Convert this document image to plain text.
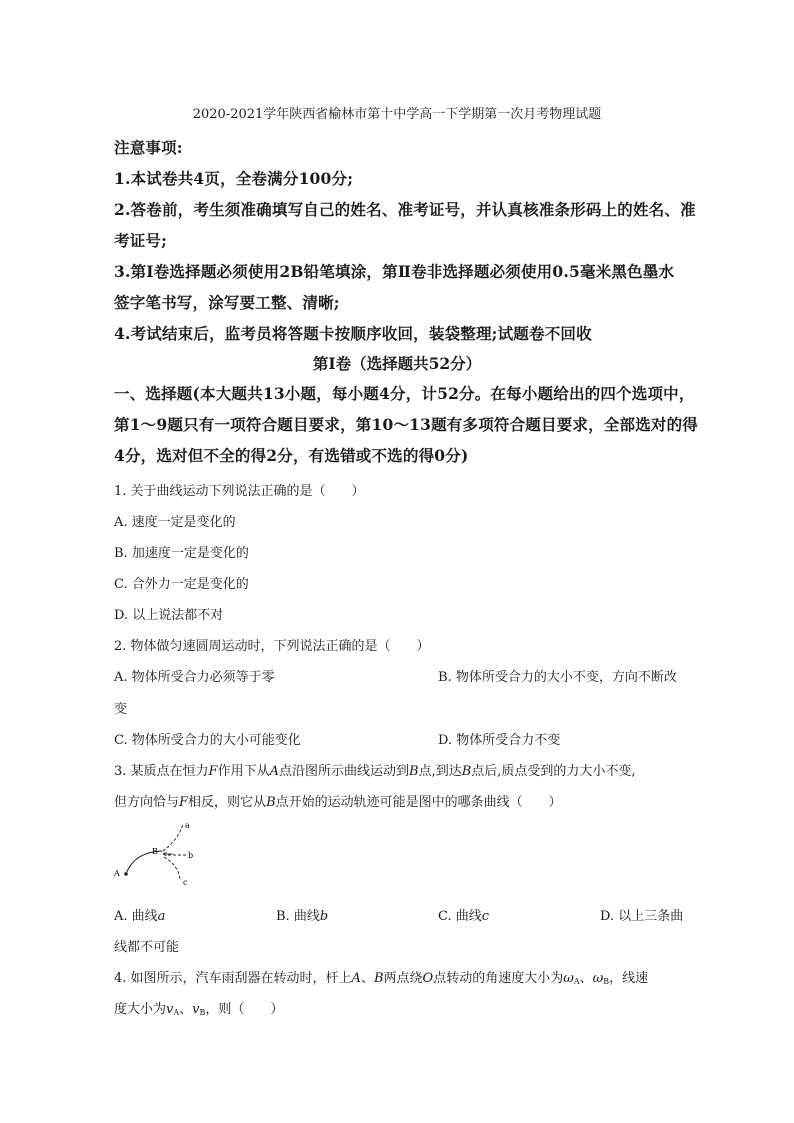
2020-2021学年陕西省榆林市第十中学高一下学期第一次月考物理试题
注意事项:
1.本试卷共4页，全卷满分100分;
2.答卷前，考生须准确填写自己的姓名、准考证号，并认真核准条形码上的姓名、准
考证号;
3.第Ⅰ卷选择题必须使用2B铅笔填涂，第Ⅱ卷非选择题必须使用0.5毫米黑色墨水
签字笔书写，涂写要工整、清晰;
4.考试结束后，监考员将答题卡按顺序收回，装袋整理;试题卷不回收
第Ⅰ卷（选择题共52分）
一、选择题(本大题共13小题，每小题4分，计52分。在每小题给出的四个选项中，
第1～9题只有一项符合题目要求，第10～13题有多项符合题目要求，全部选对的得
4分，选对但不全的得2分，有选错或不选的得0分)
1. 关于曲线运动下列说法正确的是（　　）
A. 速度一定是变化的
B. 加速度一定是变化的
C. 合外力一定是变化的
D. 以上说法都不对
2. 物体做匀速圆周运动时，下列说法正确的是（　　）
A. 物体所受合力必须等于零	B. 物体所受合力的大小不变，方向不断改
变
C. 物体所受合力的大小可能变化	D. 物体所受合力不变
3. 某质点在恒力F作用下从A点沿图所示曲线运动到B点,到达B点后,质点受到的力大小不变,
但方向恰与F相反，则它从B点开始的运动轨迹可能是图中的哪条曲线（　　）
a
b
c
A
B
A. 曲线a	B. 曲线b	C. 曲线c	D. 以上三条曲
线都不可能
4. 如图所示，汽车雨刮器在转动时，杆上A、B两点绕O点转动的角速度大小为$\omega_A$、$\omega_B$，线速
度大小为$v_A$、$v_B$，则（　　）
